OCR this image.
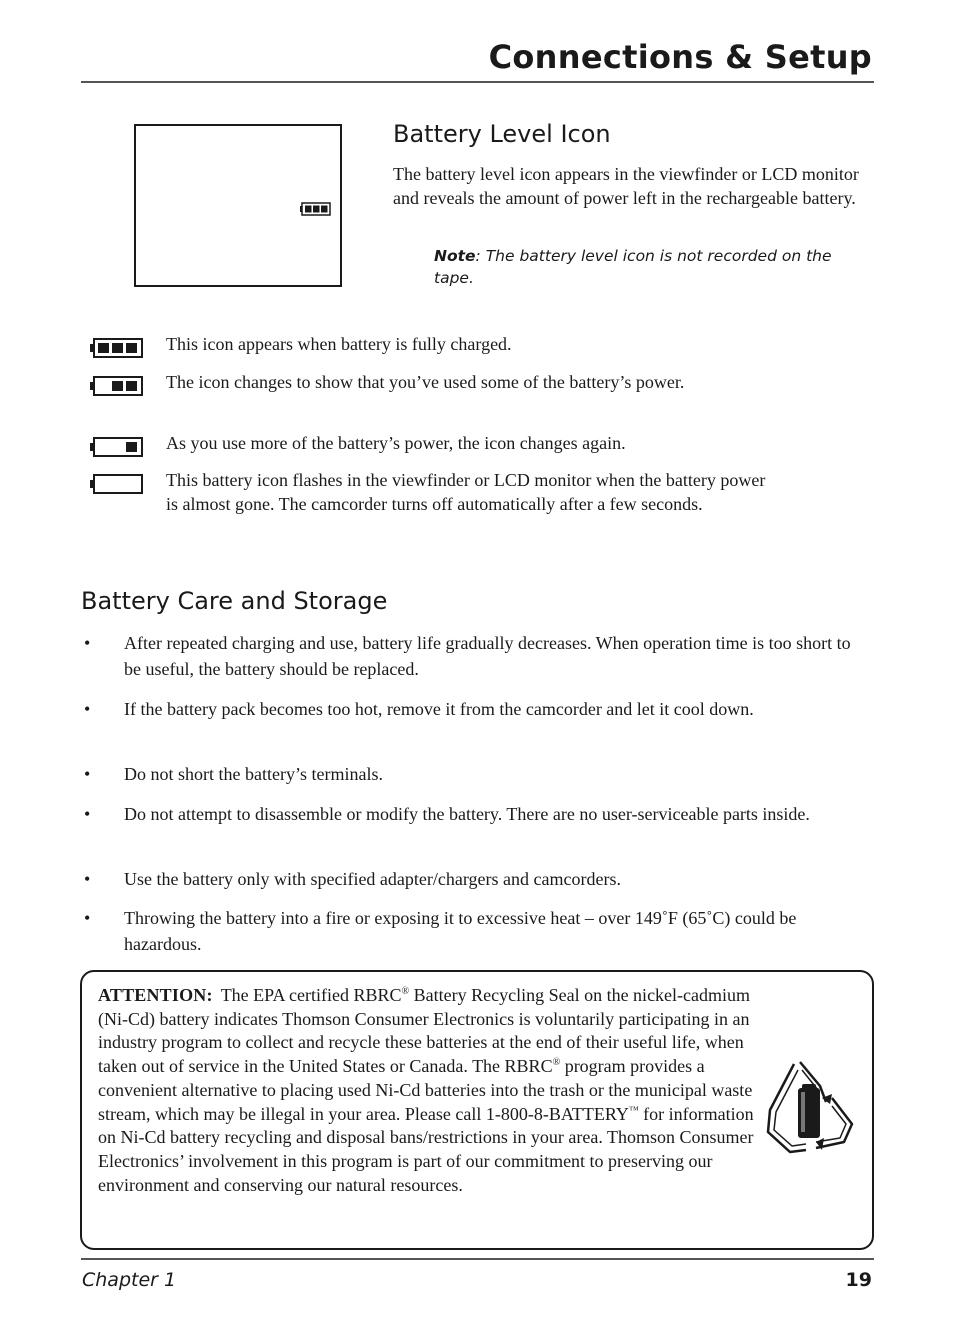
Connections & Setup
Battery Level Icon

The battery level icon appears in the viewfinder or LCD monitor and reveals the amount of power left in the rechargeable battery.

Note: The battery level icon is not recorded on the tape.
This icon appears when battery is fully charged.
The icon changes to show that you’ve used some of the battery’s power.
As you use more of the battery’s power, the icon changes again.
This battery icon flashes in the viewfinder or LCD monitor when the battery power is almost gone. The camcorder turns off automatically after a few seconds.
Battery Care and Storage
• After repeated charging and use, battery life gradually decreases. When operation time is too short to be useful, the battery should be replaced.
• If the battery pack becomes too hot, remove it from the camcorder and let it cool down.
• Do not short the battery’s terminals.
• Do not attempt to disassemble or modify the battery. There are no user-serviceable parts inside.
• Use the battery only with specified adapter/chargers and camcorders.
• Throwing the battery into a fire or exposing it to excessive heat – over 149˚F (65˚C) could be hazardous.
ATTENTION: The EPA certified RBRC® Battery Recycling Seal on the nickel-cadmium (Ni-Cd) battery indicates Thomson Consumer Electronics is voluntarily participating in an industry program to collect and recycle these batteries at the end of their useful life, when taken out of service in the United States or Canada. The RBRC® program provides a convenient alternative to placing used Ni-Cd batteries into the trash or the municipal waste stream, which may be illegal in your area. Please call 1-800-8-BATTERY™ for information on Ni-Cd battery recycling and disposal bans/restrictions in your area. Thomson Consumer Electronics’ involvement in this program is part of our commitment to preserving our environment and conserving our natural resources.
Chapter 1	19
